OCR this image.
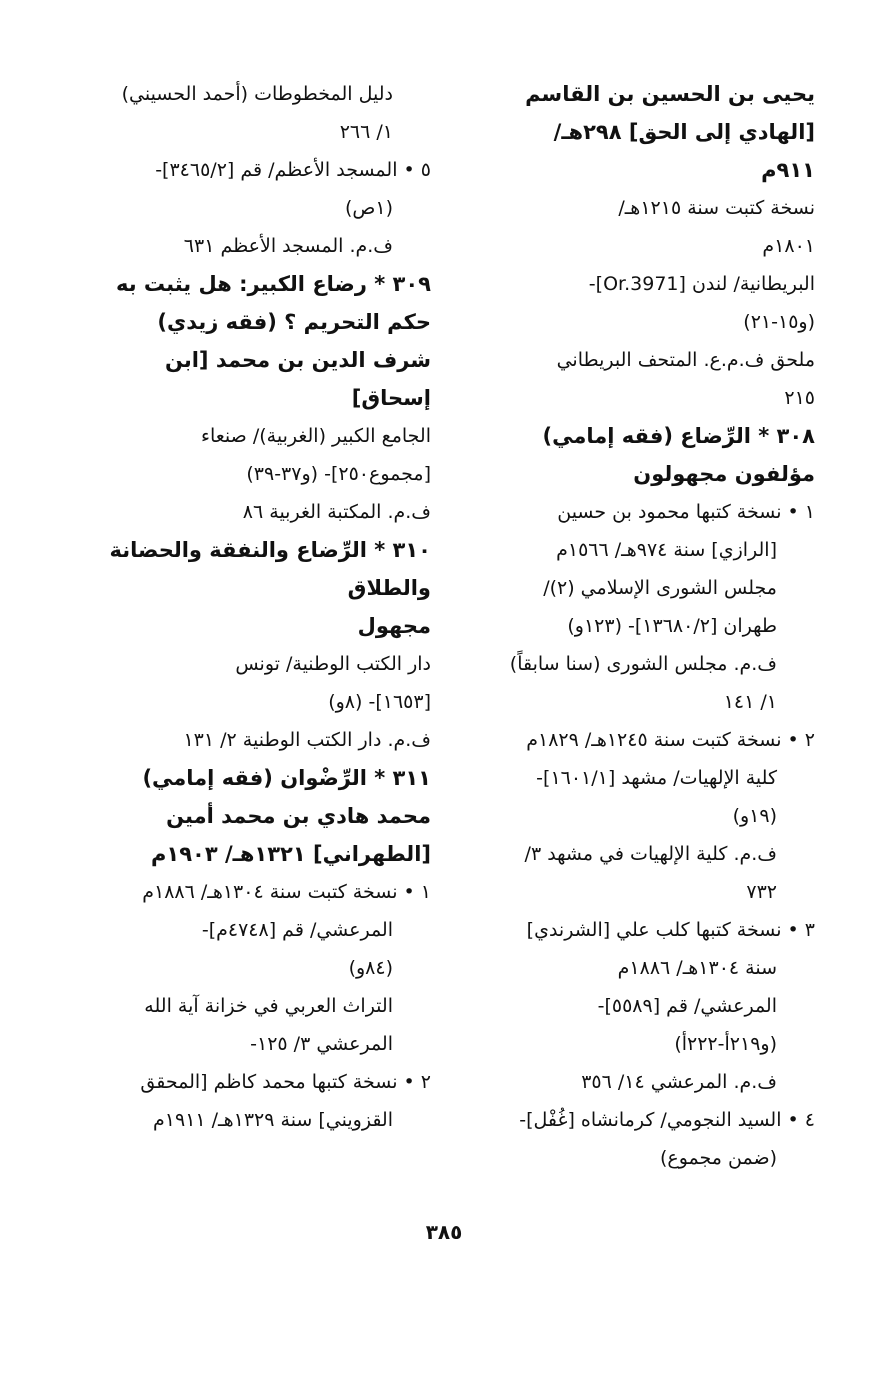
يحيى بن الحسين بن القاسم
[الهادي إلى الحق] ٢٩٨هـ/
٩١١م
نسخة كتبت سنة ١٢١٥هـ/
١٨٠١م
البريطانية/ لندن [Or.3971]-
(و١٥-٢١)
ملحق ف.م.ع. المتحف البريطاني
٢١٥
٣٠٨ * الرِّضاع (فقه إمامي)
مؤلفون مجهولون
١ • نسخة كتبها محمود بن حسين
[الرازي] سنة ٩٧٤هـ/ ١٥٦٦م
مجلس الشورى الإسلامي (٢)/
طهران [١٣٦٨٠/٢]- (١٢٣و)
ف.م. مجلس الشورى (سنا سابقاً)
١/ ١٤١
٢ • نسخة كتبت سنة ١٢٤٥هـ/ ١٨٢٩م
كلية الإلهيات/ مشهد [١٦٠١/١]-
(١٩و)
ف.م. كلية الإلهيات في مشهد ٣/
٧٣٢
٣ • نسخة كتبها كلب علي [الشرندي]
سنة ١٣٠٤هـ/ ١٨٨٦م
المرعشي/ قم [٥٥٨٩]-
(و٢١٩أ-٢٢٢أ)
ف.م. المرعشي ١٤/ ٣٥٦
٤ • السيد النجومي/ كرمانشاه [غُفْل]-
(ضمن مجموع)
دليل المخطوطات (أحمد الحسيني)
١/ ٢٦٦
٥ • المسجد الأعظم/ قم [٣٤٦٥/٢]-
(١ص)
ف.م. المسجد الأعظم ٦٣١
٣٠٩ * رضاع الكبير: هل يثبت به
حكم التحريم ؟ (فقه زيدي)
شرف الدين بن محمد [ابن
إسحاق]
الجامع الكبير (الغربية)/ صنعاء
[مجموع٢٥٠]- (و٣٧-٣٩)
ف.م. المكتبة الغربية ٨٦
٣١٠ * الرِّضاع والنفقة والحضانة
والطلاق
مجهول
دار الكتب الوطنية/ تونس
[١٦٥٣]- (٨و)
ف.م. دار الكتب الوطنية ٢/ ١٣١
٣١١ * الرِّضْوان (فقه إمامي)
محمد هادي بن محمد أمين
[الطهراني] ١٣٢١هـ/ ١٩٠٣م
١ • نسخة كتبت سنة ١٣٠٤هـ/ ١٨٨٦م
المرعشي/ قم [٤٧٤٨م]-
(٨٤و)
التراث العربي في خزانة آية الله
المرعشي ٣/ ١٢٥-
٢ • نسخة كتبها محمد كاظم [المحقق
القزويني] سنة ١٣٢٩هـ/ ١٩١١م
٣٨٥
